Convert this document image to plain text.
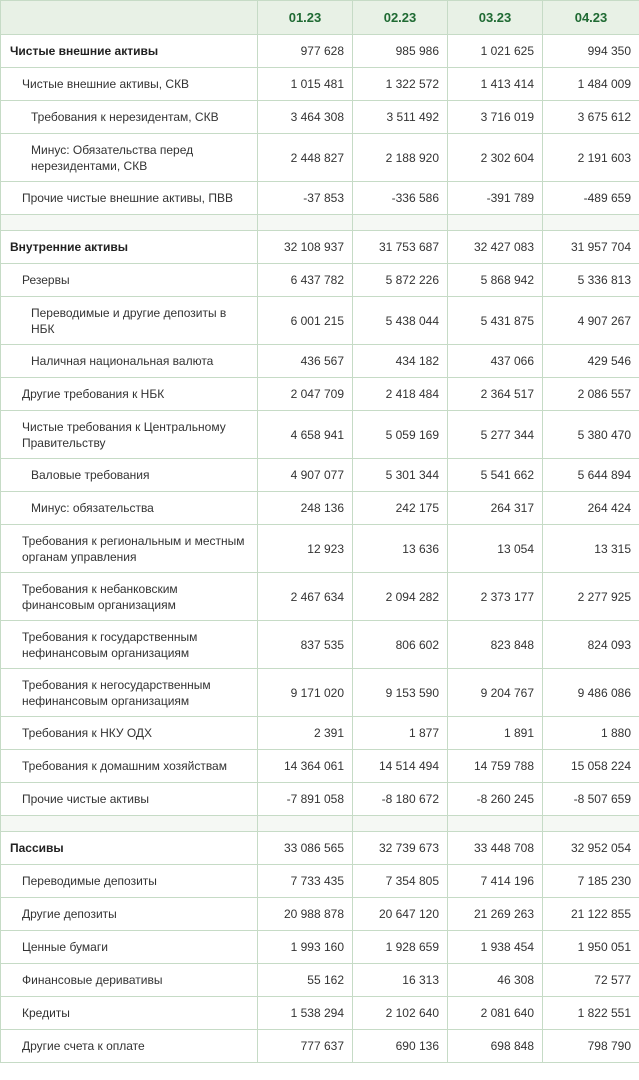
	01.23	02.23	03.23	04.23
Чистые внешние активы	977 628	985 986	1 021 625	994 350
Чистые внешние активы, СКВ	1 015 481	1 322 572	1 413 414	1 484 009
Требования к нерезидентам, СКВ	3 464 308	3 511 492	3 716 019	3 675 612
Минус: Обязательства перед нерезидентами, СКВ	2 448 827	2 188 920	2 302 604	2 191 603
Прочие чистые внешние активы, ПВВ	-37 853	-336 586	-391 789	-489 659

Внутренние активы	32 108 937	31 753 687	32 427 083	31 957 704
Резервы	6 437 782	5 872 226	5 868 942	5 336 813
Переводимые и другие депозиты в НБК	6 001 215	5 438 044	5 431 875	4 907 267
Наличная национальная валюта	436 567	434 182	437 066	429 546
Другие требования к НБК	2 047 709	2 418 484	2 364 517	2 086 557
Чистые требования к Центральному Правительству	4 658 941	5 059 169	5 277 344	5 380 470
Валовые требования	4 907 077	5 301 344	5 541 662	5 644 894
Минус: обязательства	248 136	242 175	264 317	264 424
Требования к региональным и местным органам управления	12 923	13 636	13 054	13 315
Требования к небанковским финансовым организациям	2 467 634	2 094 282	2 373 177	2 277 925
Требования к государственным нефинансовым организациям	837 535	806 602	823 848	824 093
Требования к негосударственным нефинансовым организациям	9 171 020	9 153 590	9 204 767	9 486 086
Требования к НКУ ОДХ	2 391	1 877	1 891	1 880
Требования к домашним хозяйствам	14 364 061	14 514 494	14 759 788	15 058 224
Прочие чистые активы	-7 891 058	-8 180 672	-8 260 245	-8 507 659

Пассивы	33 086 565	32 739 673	33 448 708	32 952 054
Переводимые депозиты	7 733 435	7 354 805	7 414 196	7 185 230
Другие депозиты	20 988 878	20 647 120	21 269 263	21 122 855
Ценные бумаги	1 993 160	1 928 659	1 938 454	1 950 051
Финансовые деривативы	55 162	16 313	46 308	72 577
Кредиты	1 538 294	2 102 640	2 081 640	1 822 551
Другие счета к оплате	777 637	690 136	698 848	798 790
